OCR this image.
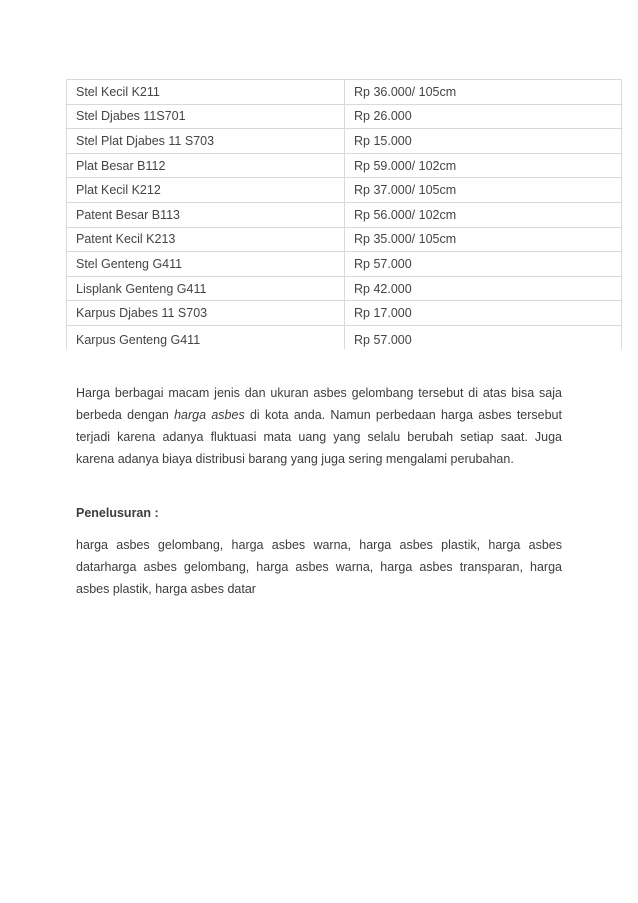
Stel Kecil K211	Rp 36.000/ 105cm
Stel Djabes 11S701	Rp 26.000
Stel Plat Djabes 11 S703	Rp 15.000
Plat Besar B112	Rp 59.000/ 102cm
Plat Kecil K212	Rp 37.000/ 105cm
Patent Besar B113	Rp 56.000/ 102cm
Patent Kecil K213	Rp 35.000/ 105cm
Stel Genteng G411	Rp 57.000
Lisplank Genteng G411	Rp 42.000
Karpus Djabes 11 S703	Rp 17.000
Karpus Genteng G411	Rp 57.000

Harga berbagai macam jenis dan ukuran asbes gelombang tersebut di atas bisa saja berbeda dengan harga asbes di kota anda. Namun perbedaan harga asbes tersebut terjadi karena adanya fluktuasi mata uang yang selalu berubah setiap saat. Juga karena adanya biaya distribusi barang yang juga sering mengalami perubahan.

Penelusuran :

harga asbes gelombang, harga asbes warna, harga asbes plastik, harga asbes datarharga asbes gelombang, harga asbes warna, harga asbes transparan, harga asbes plastik, harga asbes datar
